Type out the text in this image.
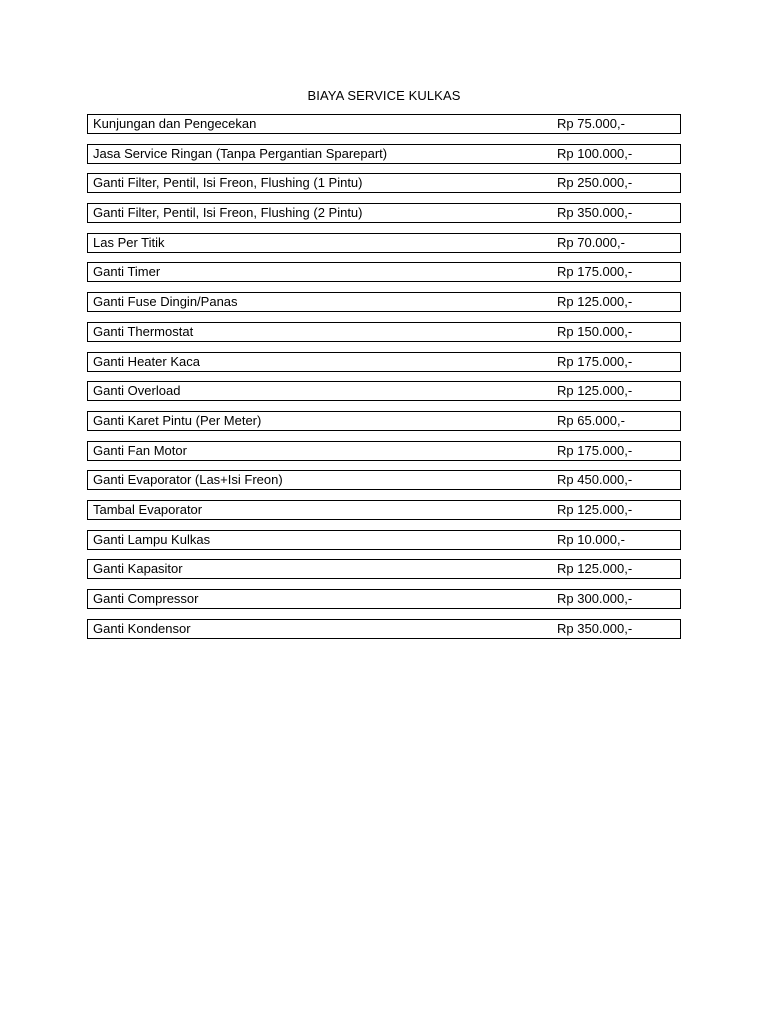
BIAYA SERVICE KULKAS
Kunjungan dan Pengecekan	Rp 75.000,-
Jasa Service Ringan (Tanpa Pergantian Sparepart)	Rp 100.000,-
Ganti Filter, Pentil, Isi Freon, Flushing (1 Pintu)	Rp 250.000,-
Ganti Filter, Pentil, Isi Freon, Flushing (2 Pintu)	Rp 350.000,-
Las Per Titik	Rp 70.000,-
Ganti Timer	Rp 175.000,-
Ganti Fuse Dingin/Panas	Rp 125.000,-
Ganti Thermostat	Rp 150.000,-
Ganti Heater Kaca	Rp 175.000,-
Ganti Overload	Rp 125.000,-
Ganti Karet Pintu (Per Meter)	Rp 65.000,-
Ganti Fan Motor	Rp 175.000,-
Ganti Evaporator (Las+Isi Freon)	Rp 450.000,-
Tambal Evaporator	Rp 125.000,-
Ganti Lampu Kulkas	Rp 10.000,-
Ganti Kapasitor	Rp 125.000,-
Ganti Compressor	Rp 300.000,-
Ganti Kondensor	Rp 350.000,-
